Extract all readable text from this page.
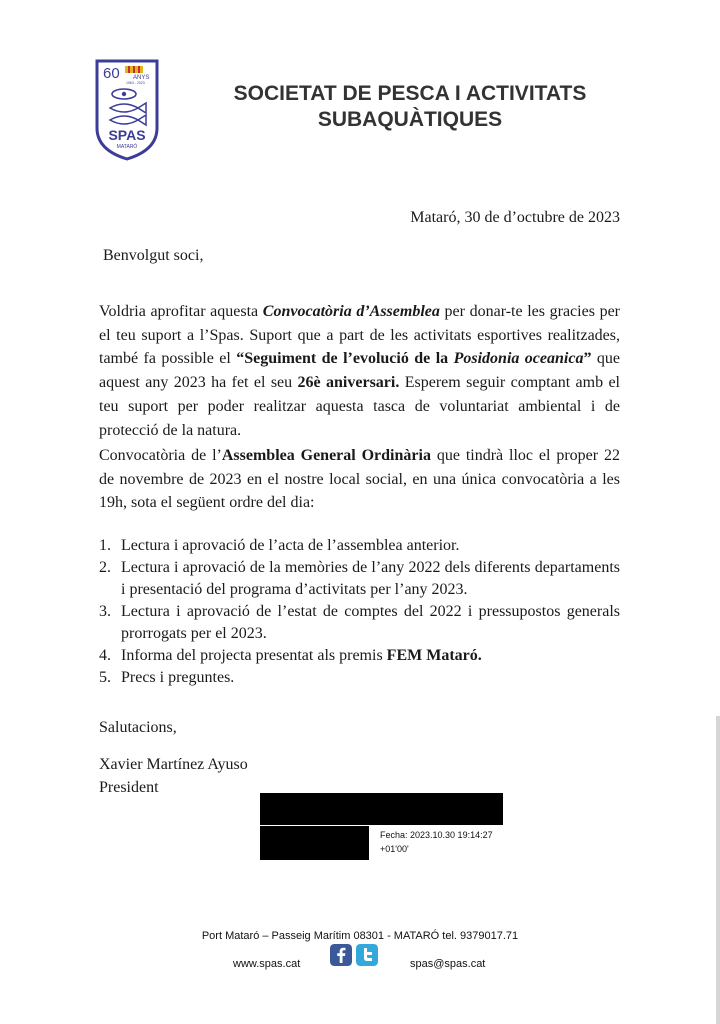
60 ANYS
1963 - 2023
SPAS
MATARÓ
SOCIETAT DE PESCA I ACTIVITATS
SUBAQUÀTIQUES
Mataró, 30 de d’octubre de 2023
Benvolgut soci,

Voldria aprofitar aquesta Convocatòria d’Assemblea per donar-te les gracies per el teu suport a l’Spas. Suport que a part de les activitats esportives realitzades, també fa possible el “Seguiment de l’evolució de la Posidonia oceanica” que aquest any 2023 ha fet el seu 26è aniversari. Esperem seguir comptant amb el teu suport per poder realitzar aquesta tasca de voluntariat ambiental i de protecció de la natura.

Convocatòria de l’Assemblea General Ordinària que tindrà lloc el proper 22 de novembre de 2023 en el nostre local social, en una única convocatòria a les 19h, sota el següent ordre del dia:

1. Lectura i aprovació de l’acta de l’assemblea anterior.
2. Lectura i aprovació de la memòries de l’any 2022 dels diferents departaments i presentació del programa d’activitats per l’any 2023.
3. Lectura i aprovació de l’estat de comptes del 2022 i pressupostos generals prorrogats per el 2023.
4. Informa del projecta presentat als premis FEM Mataró.
5. Precs i preguntes.
Salutacions,
Xavier Martínez Ayuso
President
Fecha: 2023.10.30 19:14:27
+01'00'
Port Mataró – Passeig Marítim 08301 - MATARÓ tel. 9379017.71
www.spas.cat	spas@spas.cat
